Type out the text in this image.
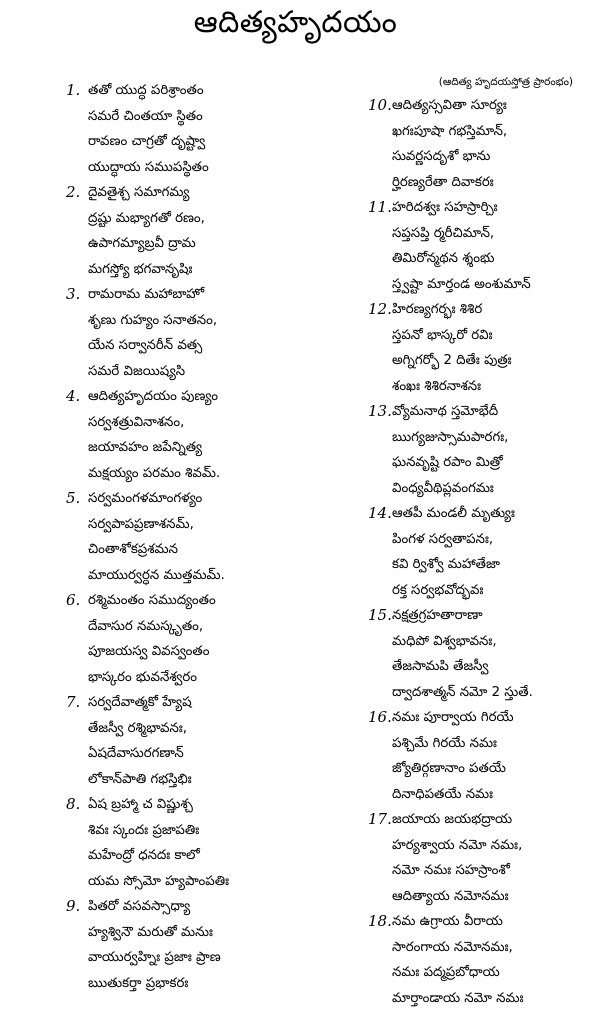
ఆదిత్యహృదయం
(ఆదిత్య హృదయస్తోత్ర ప్రారంభం)
1. తతో యుద్ధ పరిశ్రాంతం
సమరే చింతయా స్థితం
రావణం చాగ్రతో దృష్ట్వా
యుద్ధాయ సముపస్థితం
2. దైవతైశ్చ సమాగమ్య
ద్రష్టు మభ్యాగతో రణం,
ఉపాగమ్యాబ్రవీ ద్రామ
మగస్త్యో భగవానృషిః
3. రామరామ మహాబాహో
శృణు గుహ్యం సనాతనం,
యేన సర్వానరీన్ వత్స
సమరే విజయిష్యసి
4. ఆదిత్యహృదయం పుణ్యం
సర్వశత్రువినాశనం,
జయావహం జపేన్నిత్య
మక్షయ్యం పరమం శివమ్.
5. సర్వమంగళమాంగళ్యం
సర్వపాపప్రణాశనమ్,
చింతాశోకప్రశమన
మాయుర్వర్ధన ముత్తమమ్.
6. రశ్మిమంతం సముద్యంతం
దేవాసుర నమస్కృతం,
పూజయస్వ వివస్వంతం
భాస్కరం భువనేశ్వరం
7. సర్వదేవాత్మకో హ్యేష
తేజస్వీ రశ్మిభావనః,
ఏషదేవాసురగణాన్
లోకాన్‌పాతి గభస్తిభిః
8. ఏష బ్రహ్మా చ విష్ణుశ్చ
శివః స్కందః ప్రజాపతిః
మహేంద్రో ధనదః కాలో
యమ స్సోమో హ్యపాంపతిః
9. పితరో వసవస్సాధ్యా
హ్యశ్వినౌ మరుతో మనుః
వాయుర్వహ్నిః ప్రజాః ప్రాణ
ఋతుకర్తా ప్రభాకరః
10. ఆదిత్యస్సవితా సూర్యః
ఖగఃపూషా గభస్తిమాన్,
సువర్ణసదృశో భాను
ర్హిరణ్యరేతా దివాకరః
11. హరిదశ్వః సహస్రార్చిః
సప్తసప్తి ర్మరీచిమాన్,
తిమిరోన్మథన శ్శంభు
స్త్వష్టా మార్తండ అంశుమాన్
12. హిరణ్యగర్భః శిశిర
స్తపనో భాస్కరో రవిః
అగ్నిగర్భో 2 దితేః పుత్రః
శంఖః శిశిరనాశనః
13. వ్యోమనాథ స్తమోభేదీ
ఋగ్యజుస్సామపారగః,
ఘనవృష్టి రపాం మిత్రో
వింధ్యవీథిప్లవంగమః
14. ఆతపీ మండలీ మృత్యుః
పింగళ సర్వతాపనః,
కవి ర్విశ్వో మహాతేజా
రక్త సర్వభవోద్భవః
15. నక్షత్రగ్రహతారాణా
మధిపో విశ్వభావనః,
తేజసామపి తేజస్వీ
ద్వాదశాత్మన్ నమో 2 స్తుతే.
16. నమః పూర్వాయ గిరయే
పశ్చిమే గిరయే నమః
జ్యోతిర్గణానాం పతయే
దినాధిపతయే నమః
17. జయాయ జయభద్రాయ
హర్యశ్వాయ నమో నమః,
నమో నమః సహస్రాంశో
ఆదిత్యాయ నమోనమః
18. నమ ఉగ్రాయ వీరాయ
సారంగాయ నమోనమః,
నమః పద్మప్రబోధాయ
మార్తాండాయ నమో నమః
